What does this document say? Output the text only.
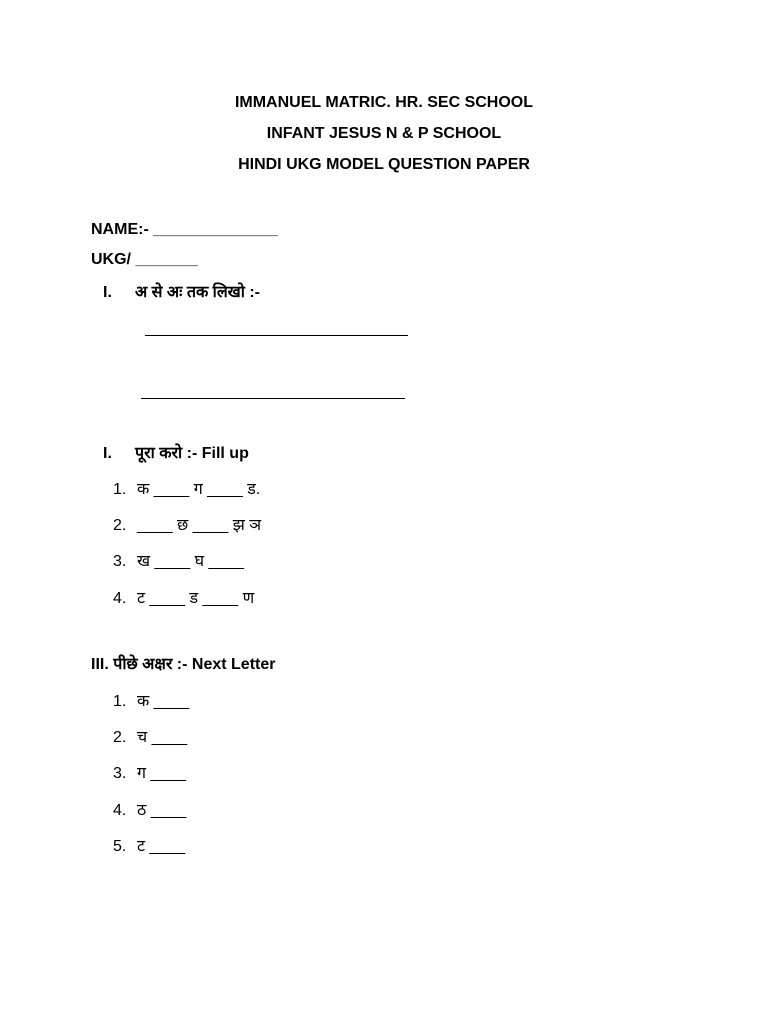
IMMANUEL MATRIC. HR. SEC SCHOOL
INFANT JESUS N & P SCHOOL
HINDI UKG MODEL QUESTION PAPER
NAME:- ______________
UKG/ _______
I. अ से अः तक लिखो :-
I. पूरा करो :- Fill up
1. क ____ ग ____ ड.
2. ____ छ ____ झ ञ
3. ख ____ घ ____
4. ट ____ ड ____ ण
III. पीछे अक्षर :- Next Letter
1. क ____
2. च ____
3. ग ____
4. ठ ____
5. ट ____
